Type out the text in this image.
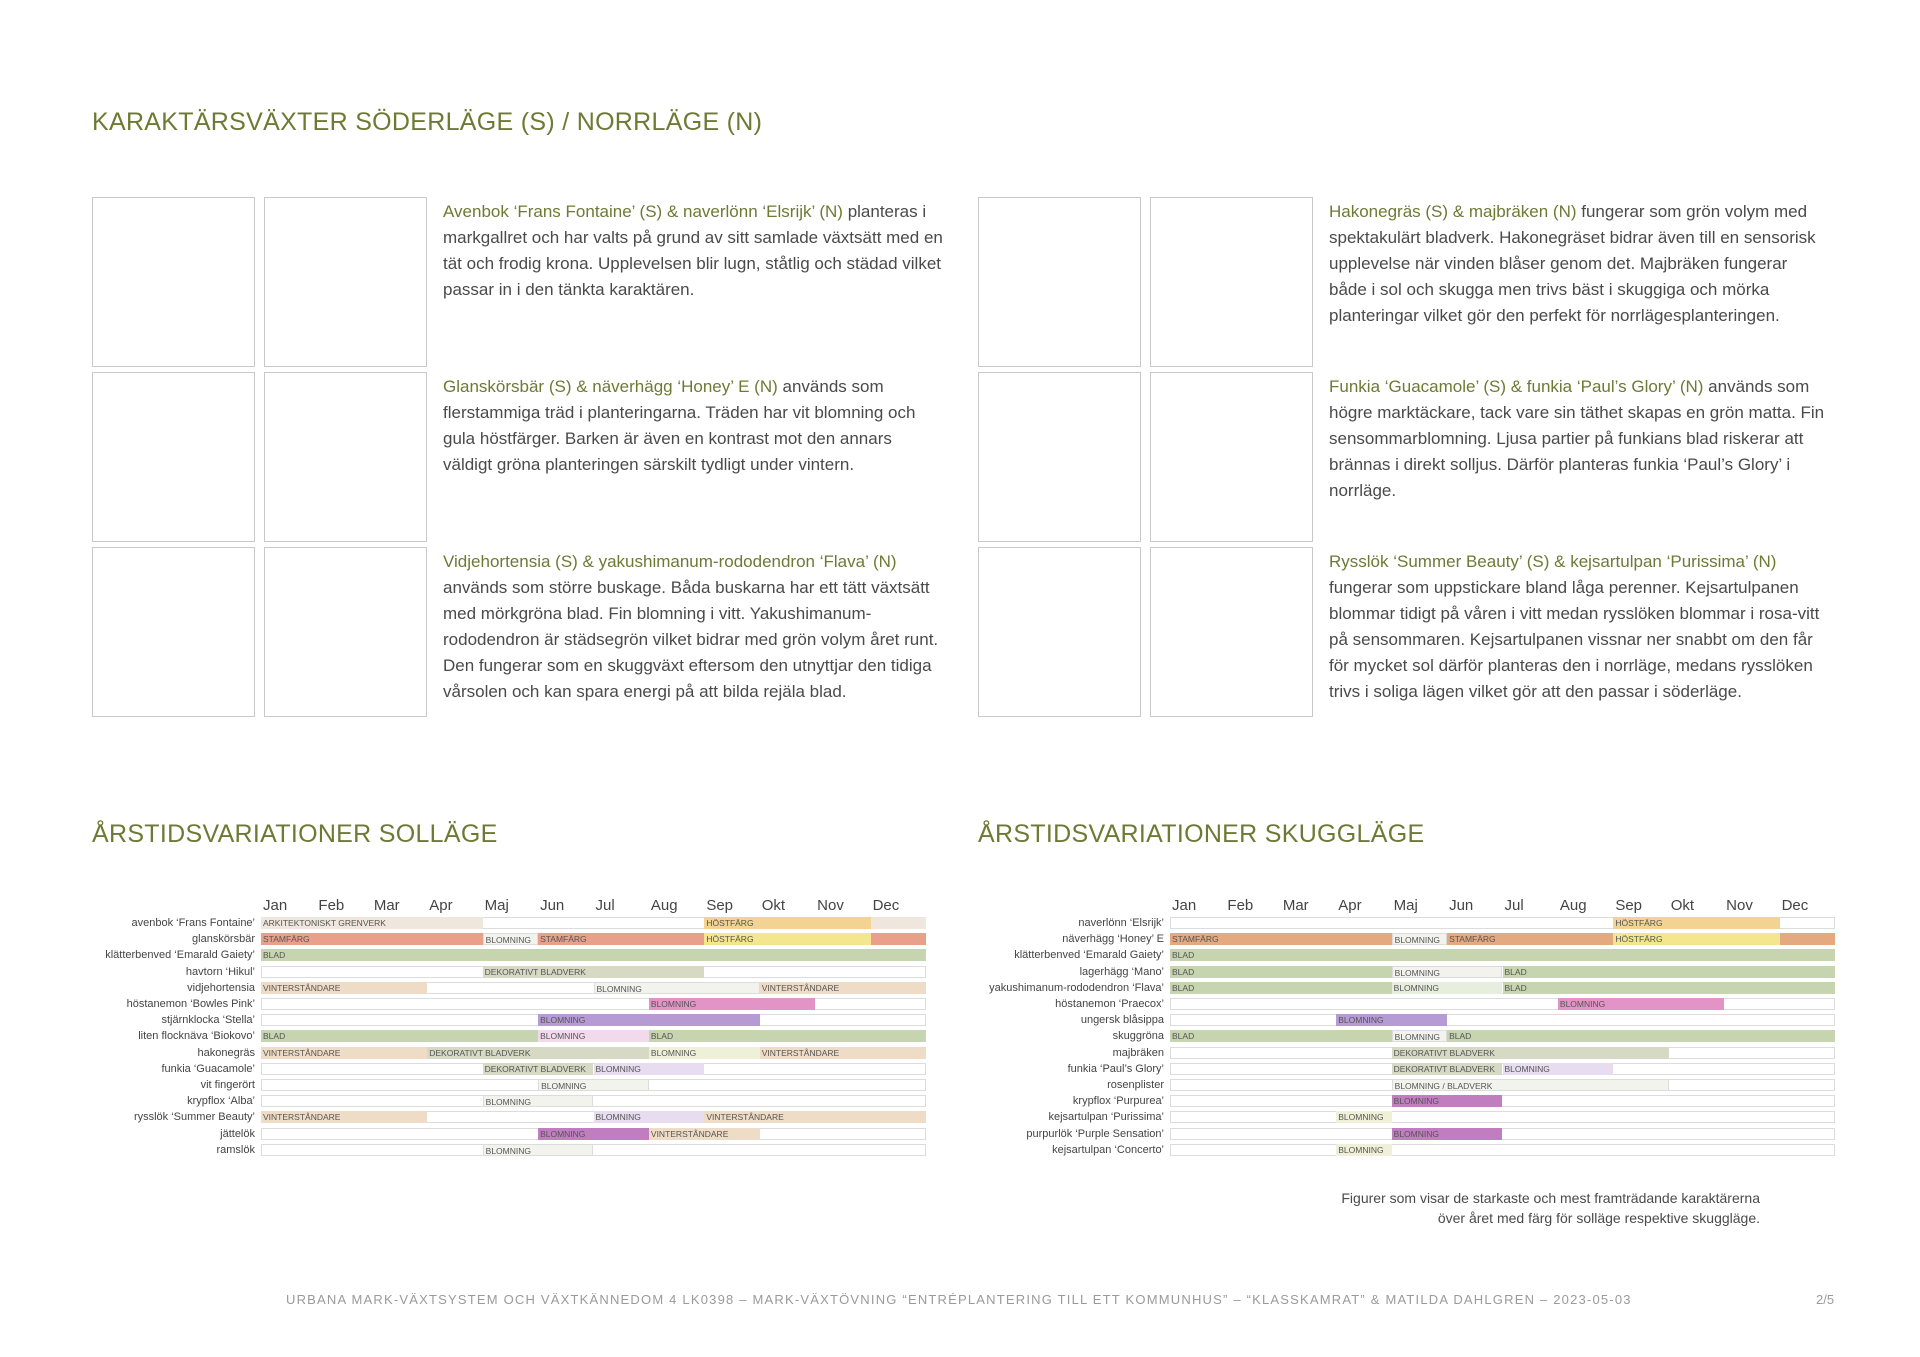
KARAKTÄRSVÄXTER SÖDERLÄGE (S) / NORRLÄGE (N)
Avenbok ‘Frans Fontaine’ (S) & naverlönn ‘Elsrijk’ (N) planteras i markgallret och har valts på grund av sitt samlade växtsätt med en tät och frodig krona. Upplevelsen blir lugn, ståtlig och städad vilket passar in i den tänkta karaktären.
Glanskörsbär (S) & näverhägg ‘Honey’ E (N) används som flerstammiga träd i planteringarna. Träden har vit blomning och gula höstfärger. Barken är även en kontrast mot den annars väldigt gröna planteringen särskilt tydligt under vintern.
Vidjehortensia (S) & yakushimanum-rododendron ‘Flava’ (N) används som större buskage. Båda buskarna har ett tätt växtsätt med mörkgröna blad. Fin blomning i vitt. Yakushimanum-rododendron är städsegrön vilket bidrar med grön volym året runt. Den fungerar som en skuggväxt eftersom den utnyttjar den tidiga vårsolen och kan spara energi på att bilda rejäla blad.
Hakonegräs (S) & majbräken (N) fungerar som grön volym med spektakulärt bladverk. Hakonegräset bidrar även till en sensorisk upplevelse när vinden blåser genom det. Majbräken fungerar både i sol och skugga men trivs bäst i skuggiga och mörka planteringar vilket gör den perfekt för norrlägesplanteringen.
Funkia ‘Guacamole’ (S) & funkia ‘Paul’s Glory’ (N) används som högre marktäckare, tack vare sin täthet skapas en grön matta. Fin sensommarblomning. Ljusa partier på funkians blad riskerar att brännas i direkt solljus. Därför planteras funkia ‘Paul’s Glory’ i norrläge.
Rysslök ‘Summer Beauty’ (S) & kejsartulpan ‘Purissima’ (N) fungerar som uppstickare bland låga perenner. Kejsartulpanen blommar tidigt på våren i vitt medan rysslöken blommar i rosa-vitt på sensommaren. Kejsartulpanen vissnar ner snabbt om den får för mycket sol därför planteras den i norrläge, medans rysslöken trivs i soliga lägen vilket gör att den passar i söderläge.
ÅRSTIDSVARIATIONER SOLLÄGE	ÅRSTIDSVARIATIONER SKUGGLÄGE
Jan Feb Mar Apr Maj Jun Jul Aug Sep Okt Nov Dec
avenbok ‘Frans Fontaine’ ARKITEKTONISKT GRENVERK	HÖSTFÄRG
glanskörsbär STAMFÄRG	BLOMNING	STAMFÄRG	HÖSTFÄRG
klätterbenved ‘Emarald Gaiety’ BLAD
havtorn ‘Hikul’	DEKORATIVT BLADVERK
vidjehortensia VINTERSTÅNDARE	BLOMNING	VINTERSTÅNDARE
höstanemon ‘Bowles Pink’	BLOMNING
stjärnklocka ‘Stella’	BLOMNING
liten flocknäva ‘Biokovo’ BLAD	BLOMNING	BLAD
hakonegräs VINTERSTÅNDARE	DEKORATIVT BLADVERK	BLOMNING	VINTERSTÅNDARE
funkia ‘Guacamole’	DEKORATIVT BLADVERK	BLOMNING
vit fingerört	BLOMNING
krypflox ‘Alba’	BLOMNING
rysslök ‘Summer Beauty’ VINTERSTÅNDARE	BLOMNING	VINTERSTÅNDARE
jättelök	BLOMNING	VINTERSTÅNDARE
ramslök	BLOMNING
Jan Feb Mar Apr Maj Jun Jul Aug Sep Okt Nov Dec
naverlönn ‘Elsrijk’	HÖSTFÄRG
näverhägg ‘Honey’ E STAMFÄRG	BLOMNING	STAMFÄRG	HÖSTFÄRG
klätterbenved ‘Emarald Gaiety’ BLAD
lagerhägg ‘Mano’ BLAD	BLOMNING	BLAD
yakushimanum-rododendron ‘Flava’ BLAD	BLOMNING	BLAD
höstanemon ‘Praecox’	BLOMNING
ungersk blåsippa	BLOMNING
skuggröna BLAD	BLOMNING	BLAD
majbräken	DEKORATIVT BLADVERK
funkia ‘Paul’s Glory’	DEKORATIVT BLADVERK	BLOMNING
rosenplister	BLOMNING / BLADVERK
krypflox ‘Purpurea’	BLOMNING
kejsartulpan ‘Purissima’	BLOMNING
purpurlök ‘Purple Sensation’	BLOMNING
kejsartulpan ‘Concerto’	BLOMNING
Figurer som visar de starkaste och mest framträdande karaktärerna
över året med färg för solläge respektive skuggläge.
URBANA MARK-VÄXTSYSTEM OCH VÄXTKÄNNEDOM 4 LK0398 – MARK-VÄXTÖVNING “ENTRÉPLANTERING TILL ETT KOMMUNHUS” – “KLASSKAMRAT” & MATILDA DAHLGREN – 2023-05-03	2/5
